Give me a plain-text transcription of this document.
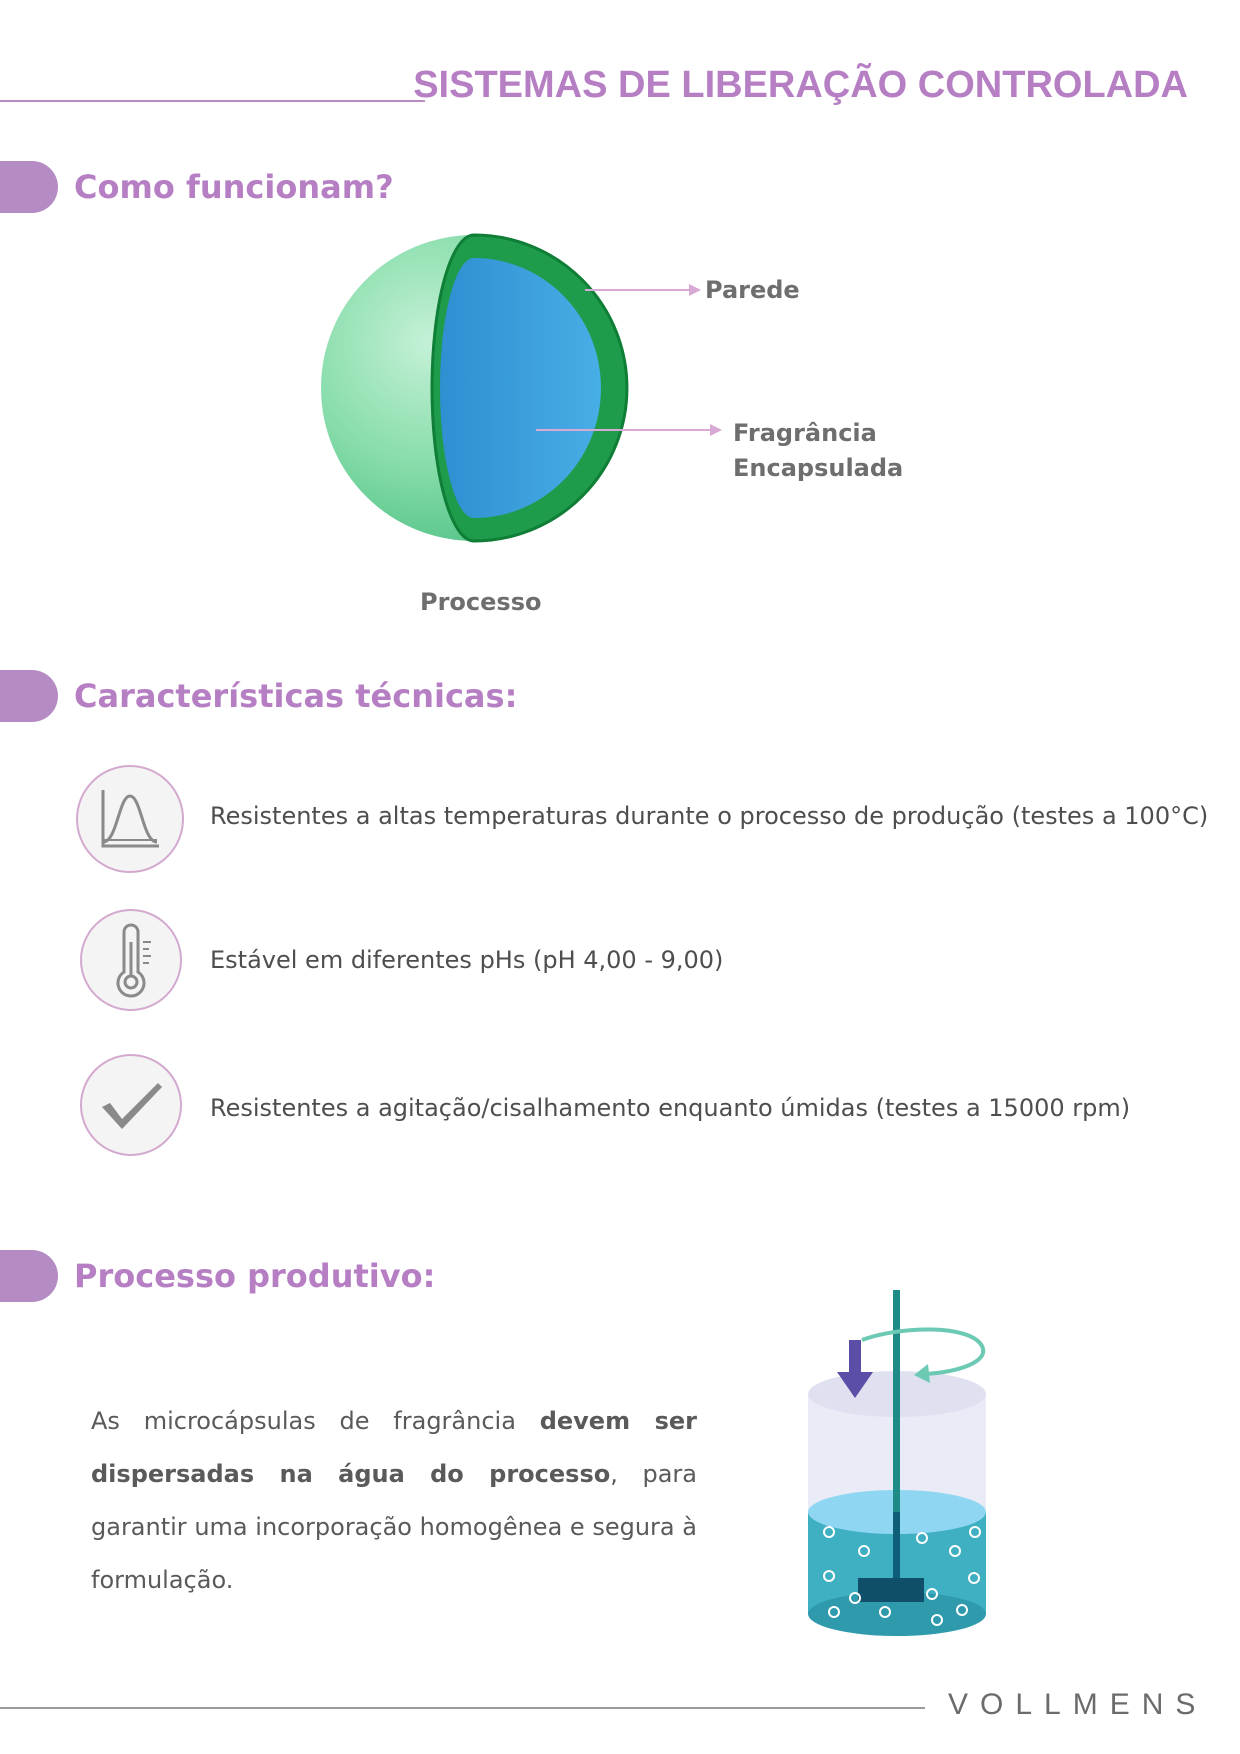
SISTEMAS DE LIBERAÇÃO CONTROLADA
Como funcionam?
Parede
Fragrância
Encapsulada
Processo
Características técnicas:
Resistentes a altas temperaturas durante o processo de produção (testes a 100°C)
Estável em diferentes pHs (pH 4,00 - 9,00)
Resistentes a agitação/cisalhamento enquanto úmidas (testes a 15000 rpm)
Processo produtivo:
As microcápsulas de fragrância devem ser dispersadas na água do processo, para garantir uma incorporação homogênea e segura à formulação.
VOLLMENS
